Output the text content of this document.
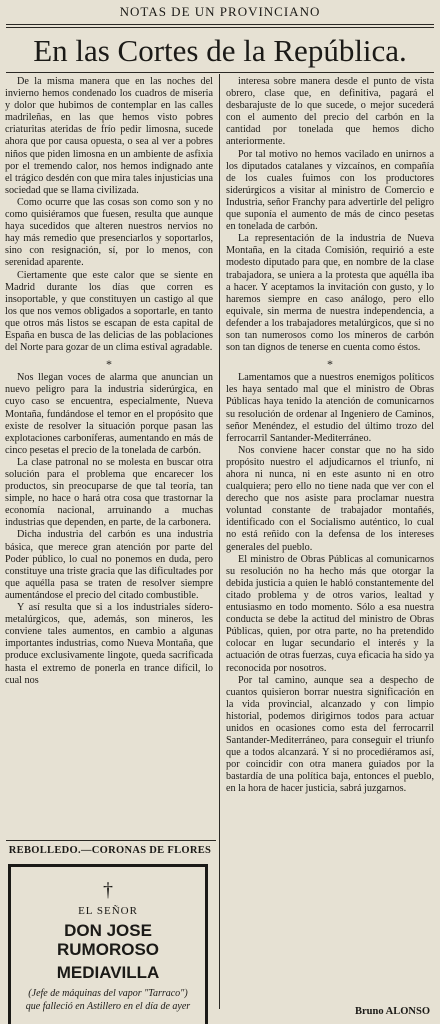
NOTAS DE UN PROVINCIANO
En las Cortes de la República.

De la misma manera que en las noches del invierno hemos condenado los cuadros de miseria y dolor que hubimos de contemplar en las calles madrileñas, en las que hemos visto pobres criaturitas ateridas de frío pedir limosna, sucede ahora que por causa opuesta, o sea al ver a pobres niños que piden limosna en un ambiente de asfixia por el tremendo calor, nos hemos indignado ante el trágico desdén con que mira tales injusticias una sociedad que se llama civilizada.

Como ocurre que las cosas son como son y no como quisiéramos que fuesen, resulta que aunque haya sucedidos que alteren nuestros nervios no hay más remedio que presenciarlos y soportarlos, sino con resignación, sí, por lo menos, con serenidad aparente.

Ciertamente que este calor que se siente en Madrid durante los días que corren es insoportable, y que constituyen un castigo al que los que nos vemos obligados a soportarle, en tanto que otros más listos se escapan de esta capital de España en busca de las delicias de las poblaciones del Norte para gozar de un clima estival agradable.

*

Nos llegan voces de alarma que anuncian un nuevo peligro para la industria siderúrgica, en cuyo caso se encuentra, especialmente, Nueva Montaña, fundándose el temor en el propósito que existe de resolver la situación porque pasan las explotaciones carboníferas, aumentando en más de cinco pesetas el precio de la tonelada de carbón.

La clase patronal no se molesta en buscar otra solución para el problema que encarecer los productos, sin preocuparse de que tal teoría, tan simple, no hace o hará otra cosa que trastornar la economía nacional, arruinando a muchas industrias que dependen, en parte, de la carbonera.

Dicha industria del carbón es una industria básica, que merece gran atención por parte del Poder público, lo cual no ponemos en duda, pero constituye una triste gracia que las dificultades por que aquélla pasa se traten de resolver siempre aumentándose el precio del citado combustible.

Y así resulta que si a los industriales sídero-metalúrgicos, que, además, son mineros, les conviene tales aumentos, en cambio a algunas importantes industrias, como Nueva Montaña, que produce exclusivamente lingote, queda sacrificada hasta el extremo de ponerla en trance difícil, lo cual nos

interesa sobre manera desde el punto de vista obrero, clase que, en definitiva, pagará el desbarajuste de lo que sucede, o mejor sucederá con el aumento del precio del carbón en la cantidad por tonelada que hemos dicho anteriormente.

Por tal motivo no hemos vacilado en unirnos a los diputados catalanes y vizcaínos, en compañía de los cuales fuimos con los productores siderúrgicos a visitar al ministro de Comercio e Industria, señor Franchy para advertirle del peligro que suponía el aumento de más de cinco pesetas en tonelada de carbón.

La representación de la industria de Nueva Montaña, en la citada Comisión, requirió a este modesto diputado para que, en nombre de la clase trabajadora, se uniera a la protesta que aquélla iba a hacer. Y aceptamos la invitación con gusto, y lo haremos siempre en caso análogo, pero ello equivale, sin merma de nuestra independencia, a defender a los trabajadores metalúrgicos, que si no son tan numerosos como los mineros de carbón son tan dignos de tenerse en cuenta como éstos.

*

Lamentamos que a nuestros enemigos políticos les haya sentado mal que el ministro de Obras Públicas haya tenido la atención de comunicarnos su resolución de ordenar al Ingeniero de Caminos, señor Menéndez, el estudio del último trozo del ferrocarril Santander-Mediterráneo.

Nos conviene hacer constar que no ha sido propósito nuestro el adjudicarnos el triunfo, ni ahora ni nunca, ni en este asunto ni en otro cualquiera; pero ello no tiene nada que ver con el derecho que nos asiste para proclamar nuestra voluntad constante de trabajador montañés, identificado con el Socialismo auténtico, lo cual no está reñido con la defensa de los intereses generales del pueblo.

El ministro de Obras Públicas al comunicarnos su resolución no ha hecho más que otorgar la debida justicia a quien le habló constantemente del citado problema y de otros varios, lealtad y entusiasmo en todo momento. Sólo a esa nuestra conducta se debe la actitud del ministro de Obras Públicas, quien, por otra parte, no ha pretendido colocar en lugar secundario el interés y la actuación de otras fuerzas, cuya eficacia ha sido ya reconocida por nosotros.

Por tal camino, aunque sea a despecho de cuantos quisieron borrar nuestra significación en la vida provincial, alcanzado y con limpio historial, podemos dirigirnos todos para actuar unidos en ocasiones como esta del ferrocarril Santander-Mediterráneo, para conseguir el triunfo que a todos alcanzará. Y si no procediéramos así, por coincidir con otra manera guiados por la bastardía de una política baja, entonces el pueblo, en la hora de hacer justicia, sabrá juzgarnos.

Bruno ALONSO
REBOLLEDO.—CORONAS DE FLORES
†
EL SEÑOR
DON JOSE RUMOROSO
MEDIAVILLA
(Jefe de máquinas del vapor "Tarraco")
que falleció en Astillero en el día de ayer
